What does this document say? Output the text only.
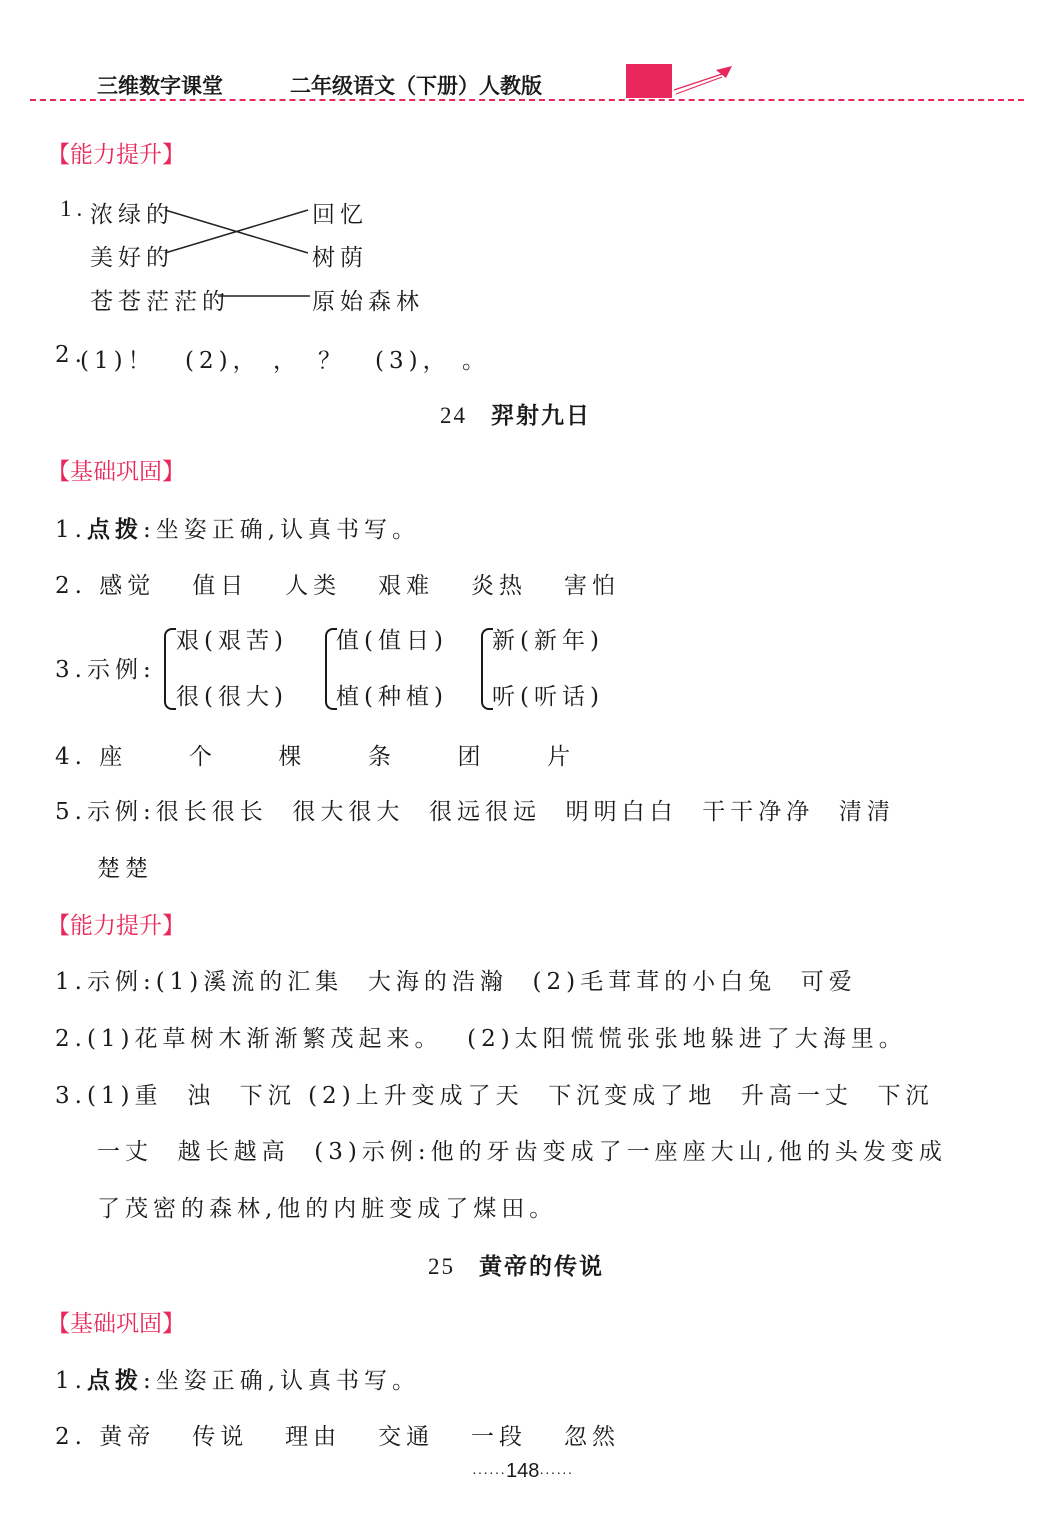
三维数字课堂	二年级语文（下册）人教版
【能力提升】
1. 浓绿的
美好的
苍苍茫茫的
回忆
树荫
原始森林
2.
(1)！ (2)， ， ？ (3)， 。
24 羿射九日
【基础巩固】
1.点拨:坐姿正确,认真书写。
2. 感觉 值日 人类 艰难 炎热 害怕
3.示例:
艰(艰苦)
很(很大)
值(值日)
植(种植)
新(新年)
听(听话)
4. 座	个	棵	条	团	片
5.示例:很长很长  很大很大  很远很远  明明白白  干干净净  清清
楚楚
【能力提升】
1.示例:(1)溪流的汇集  大海的浩瀚  (2)毛茸茸的小白兔  可爱
2.(1)花草树木渐渐繁茂起来。  (2)太阳慌慌张张地躲进了大海里。
3.(1)重  浊  下沉 (2)上升变成了天  下沉变成了地  升高一丈  下沉
一丈  越长越高  (3)示例:他的牙齿变成了一座座大山,他的头发变成
了茂密的森林,他的内脏变成了煤田。
25 黄帝的传说
【基础巩固】
1.点拨:坐姿正确,认真书写。
2. 黄帝 传说 理由 交通 一段 忽然
······148······
